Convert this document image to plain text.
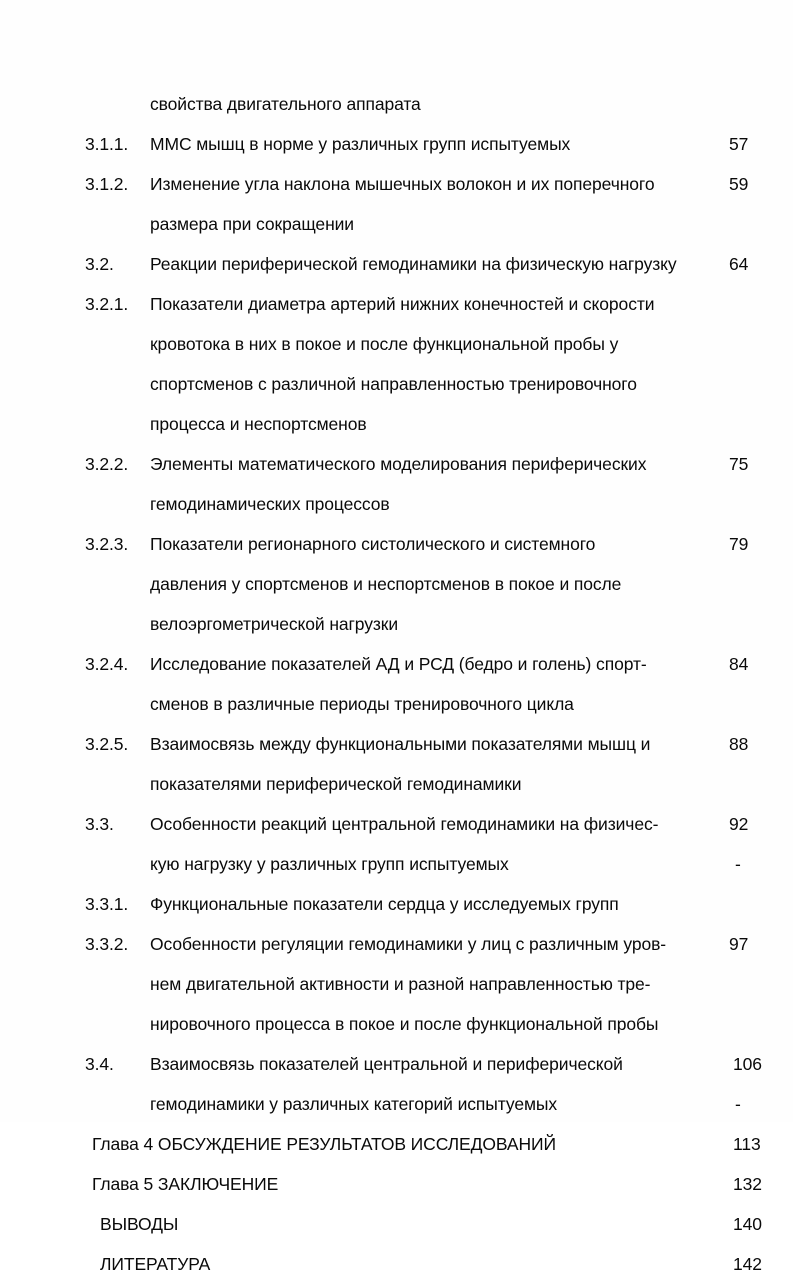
свойства двигательного аппарата
3.1.1. ММС мышц в норме у различных групп испытуемых	57
3.1.2. Изменение угла наклона мышечных волокон и их поперечного	59
размера при сокращении
3.2. Реакции периферической гемодинамики на физическую нагрузку	64
3.2.1. Показатели диаметра артерий нижних конечностей и скорости
кровотока в них в покое и после функциональной пробы у
спортсменов с различной направленностью тренировочного
процесса и неспортсменов
3.2.2. Элементы математического моделирования периферических	75
гемодинамических процессов
3.2.3. Показатели регионарного систолического и системного	79
давления у спортсменов и неспортсменов в покое и после
велоэргометрической нагрузки
3.2.4. Исследование показателей АД и РСД (бедро и голень) спорт-	84
сменов в различные периоды тренировочного цикла
3.2.5. Взаимосвязь между функциональными показателями мышц и	88
показателями периферической гемодинамики
3.3. Особенности реакций центральной гемодинамики на физичес-	92
кую нагрузку у различных групп испытуемых	-
3.3.1. Функциональные показатели сердца у исследуемых групп
3.3.2. Особенности регуляции гемодинамики у лиц с различным уров-	97
нем двигательной активности и разной направленностью тре-
нировочного процесса в покое и после функциональной пробы
3.4. Взаимосвязь показателей центральной и периферической	106
гемодинамики у различных категорий испытуемых	-
Глава 4 ОБСУЖДЕНИЕ РЕЗУЛЬТАТОВ ИССЛЕДОВАНИЙ	113
Глава 5 ЗАКЛЮЧЕНИЕ	132
ВЫВОДЫ	140
ЛИТЕРАТУРА	142
